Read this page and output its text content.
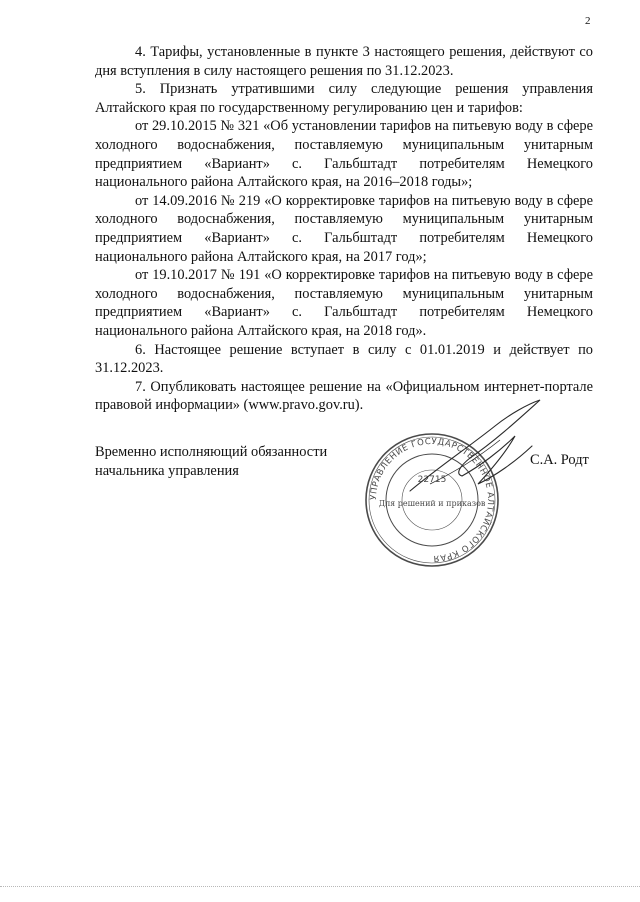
2

4. Тарифы, установленные в пункте 3 настоящего решения, действуют со дня вступления в силу настоящего решения по 31.12.2023.

5. Признать утратившими силу следующие решения управления Алтайского края по государственному регулированию цен и тарифов:

от 29.10.2015 № 321 «Об установлении тарифов на питьевую воду в сфере холодного водоснабжения, поставляемую муниципальным унитарным предприятием «Вариант» с. Гальбштадт потребителям Немецкого национального района Алтайского края, на 2016–2018 годы»;

от 14.09.2016 № 219 «О корректировке тарифов на питьевую воду в сфере холодного водоснабжения, поставляемую муниципальным унитарным предприятием «Вариант» с. Гальбштадт потребителям Немецкого национального района Алтайского края, на 2017 год»;

от 19.10.2017 № 191 «О корректировке тарифов на питьевую воду в сфере холодного водоснабжения, поставляемую муниципальным унитарным предприятием «Вариант» с. Гальбштадт потребителям Немецкого национального района Алтайского края, на 2018 год».

6. Настоящее решение вступает в силу с 01.01.2019 и действует по 31.12.2023.

7. Опубликовать настоящее решение на «Официальном интернет-портале правовой информации» (www.pravo.gov.ru).

Временно исполняющий обязанности
начальника управления
УПРАВЛЕНИЕ ГОСУДАРСТВЕННОЕ АЛТАЙСКОГО КРАЯ
22715
Для решений и приказов
С.А. Родт
